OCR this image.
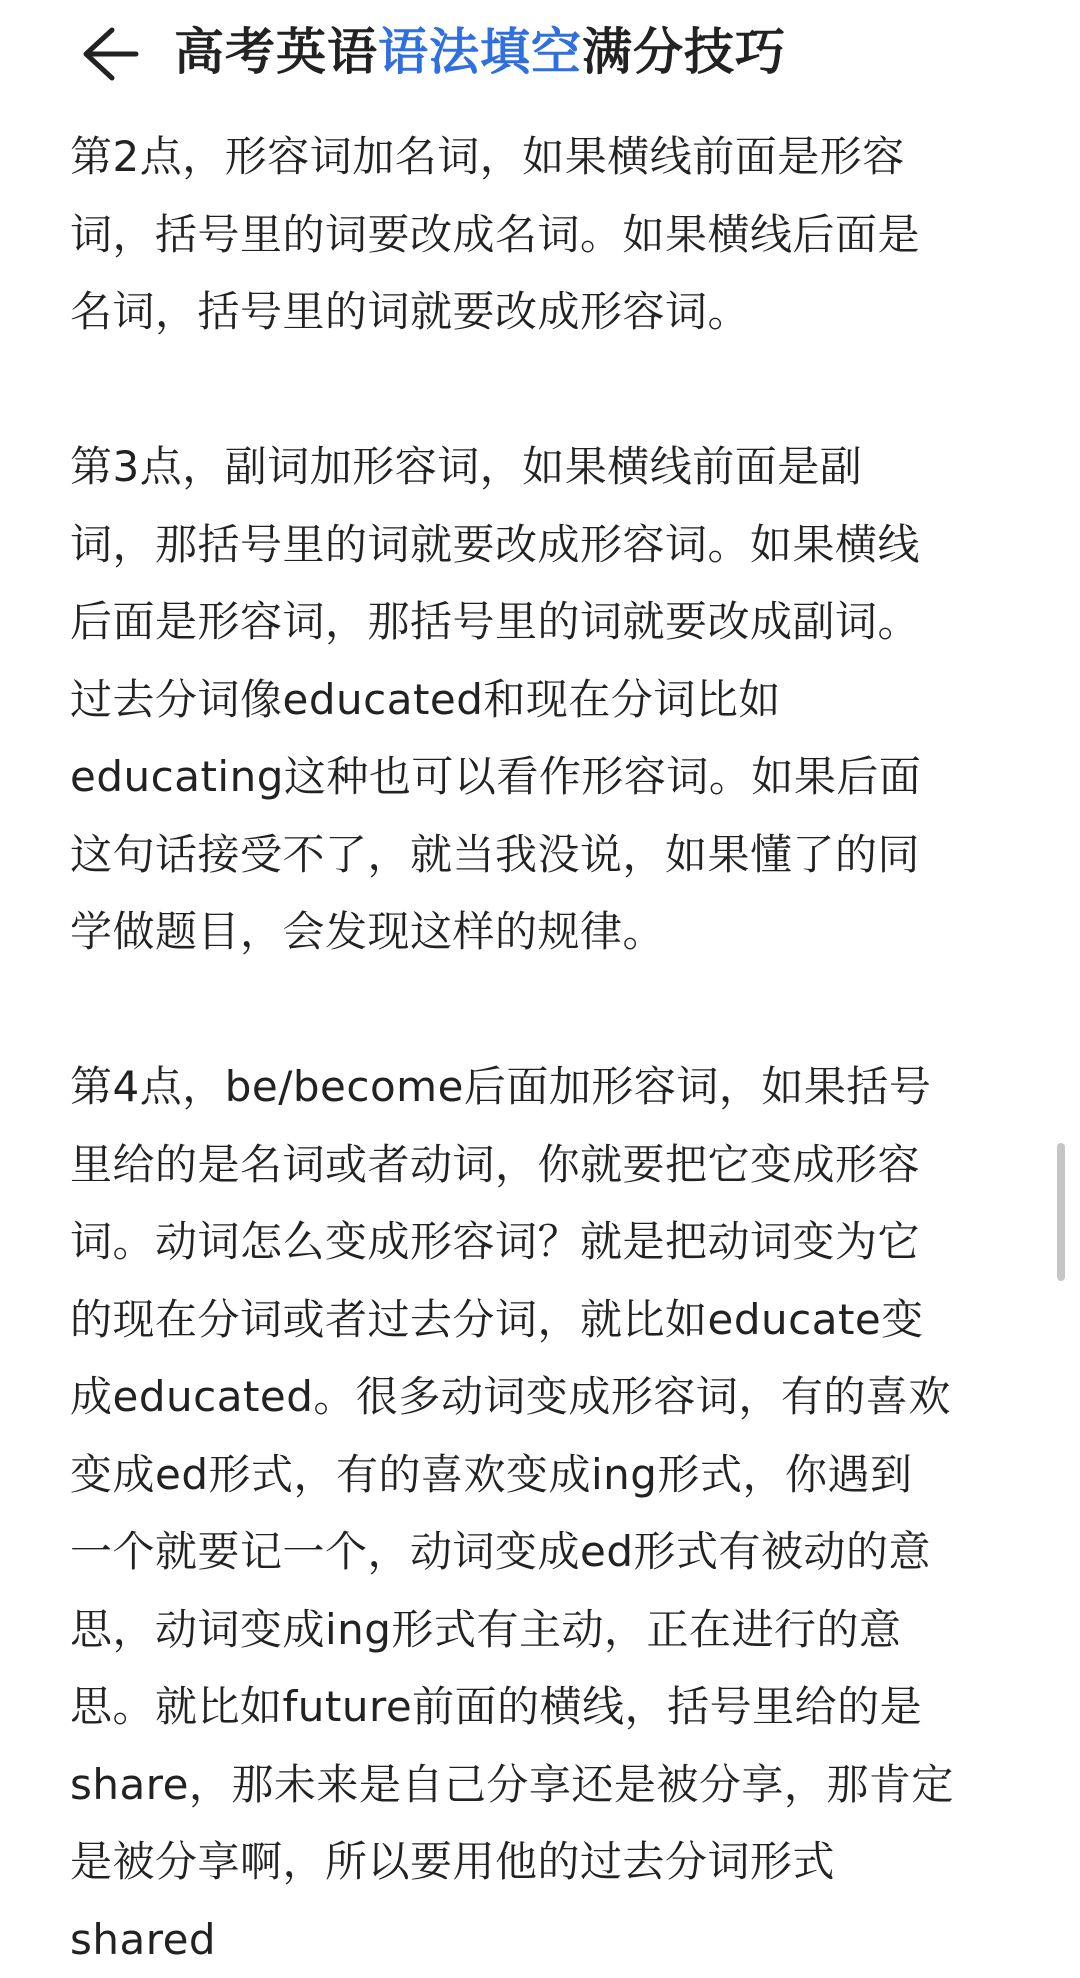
高考英语语法填空满分技巧
第2点，形容词加名词，如果横线前面是形容
词，括号里的词要改成名词。如果横线后面是
名词，括号里的词就要改成形容词。
第3点，副词加形容词，如果横线前面是副
词，那括号里的词就要改成形容词。如果横线
后面是形容词，那括号里的词就要改成副词。
过去分词像educated和现在分词比如
educating这种也可以看作形容词。如果后面
这句话接受不了，就当我没说，如果懂了的同
学做题目，会发现这样的规律。
第4点，be/become后面加形容词，如果括号
里给的是名词或者动词，你就要把它变成形容
词。动词怎么变成形容词？就是把动词变为它
的现在分词或者过去分词，就比如educate变
成educated。很多动词变成形容词，有的喜欢
变成ed形式，有的喜欢变成ing形式，你遇到
一个就要记一个，动词变成ed形式有被动的意
思，动词变成ing形式有主动，正在进行的意
思。就比如future前面的横线，括号里给的是
share，那未来是自己分享还是被分享，那肯定
是被分享啊，所以要用他的过去分词形式
shared
